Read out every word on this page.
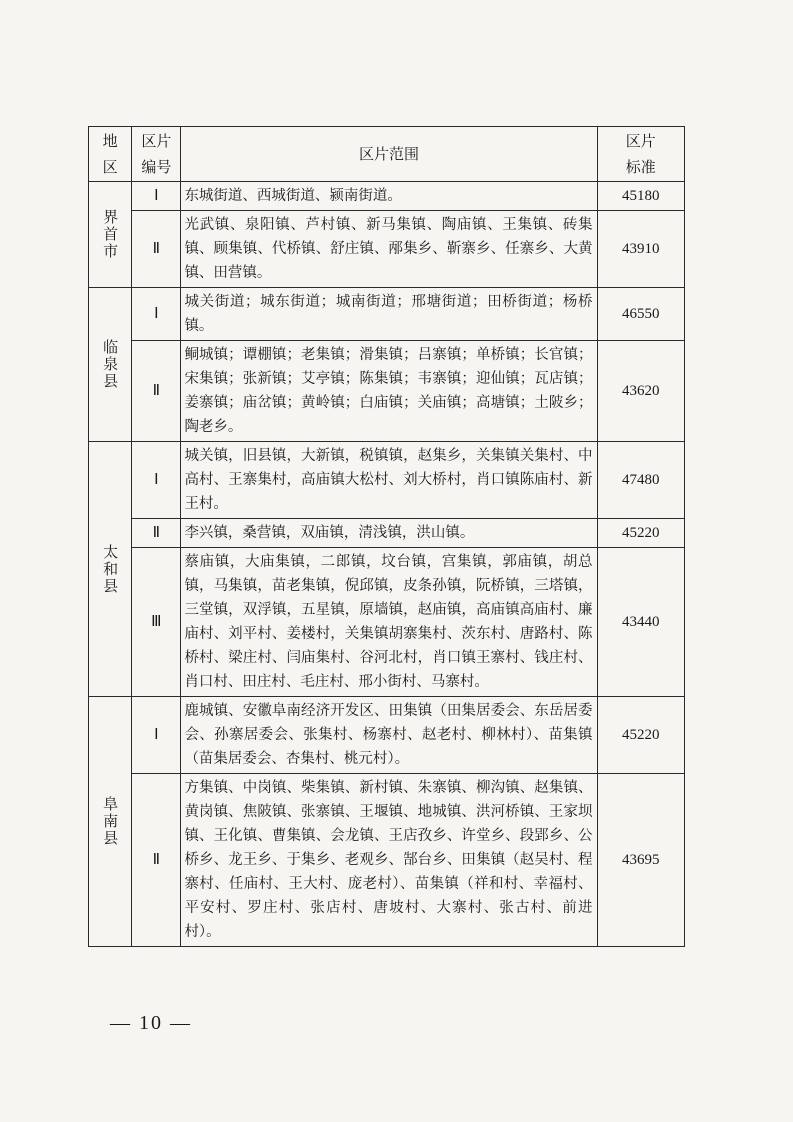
地区	区片编号	区片范围	区片标准

界首市	Ⅰ	东城街道、西城街道、颍南街道。	45180
	Ⅱ	光武镇、泉阳镇、芦村镇、新马集镇、陶庙镇、王集镇、砖集镇、顾集镇、代桥镇、舒庄镇、邴集乡、靳寨乡、任寨乡、大黄镇、田营镇。	43910

临泉县	Ⅰ	城关街道；城东街道；城南街道；邢塘街道；田桥街道；杨桥镇。	46550
	Ⅱ	鲖城镇；谭棚镇；老集镇；滑集镇；吕寨镇；单桥镇；长官镇；宋集镇；张新镇；艾亭镇；陈集镇；韦寨镇；迎仙镇；瓦店镇；姜寨镇；庙岔镇；黄岭镇；白庙镇；关庙镇；高塘镇；土陂乡；陶老乡。	43620

太和县	Ⅰ	城关镇，旧县镇，大新镇，税镇镇，赵集乡，关集镇关集村、中高村、王寨集村，高庙镇大松村、刘大桥村，肖口镇陈庙村、新王村。	47480
	Ⅱ	李兴镇，桑营镇，双庙镇，清浅镇，洪山镇。	45220
	Ⅲ	蔡庙镇，大庙集镇，二郎镇，坟台镇，宫集镇，郭庙镇，胡总镇，马集镇，苗老集镇，倪邱镇，皮条孙镇，阮桥镇，三塔镇，三堂镇，双浮镇，五星镇，原墙镇，赵庙镇，高庙镇高庙村、廉庙村、刘平村、姜楼村，关集镇胡寨集村、茨东村、唐路村、陈桥村、梁庄村、闫庙集村、谷河北村，肖口镇王寨村、钱庄村、肖口村、田庄村、毛庄村、邢小街村、马寨村。	43440

阜南县	Ⅰ	鹿城镇、安徽阜南经济开发区、田集镇（田集居委会、东岳居委会、孙寨居委会、张集村、杨寨村、赵老村、柳林村）、苗集镇（苗集居委会、杏集村、桃元村）。	45220
	Ⅱ	方集镇、中岗镇、柴集镇、新村镇、朱寨镇、柳沟镇、赵集镇、黄岗镇、焦陂镇、张寨镇、王堰镇、地城镇、洪河桥镇、王家坝镇、王化镇、曹集镇、会龙镇、王店孜乡、许堂乡、段郢乡、公桥乡、龙王乡、于集乡、老观乡、郜台乡、田集镇（赵吴村、程寨村、任庙村、王大村、庞老村）、苗集镇（祥和村、幸福村、平安村、罗庄村、张店村、唐坡村、大寨村、张古村、前进村）。	43695
— 10 —
